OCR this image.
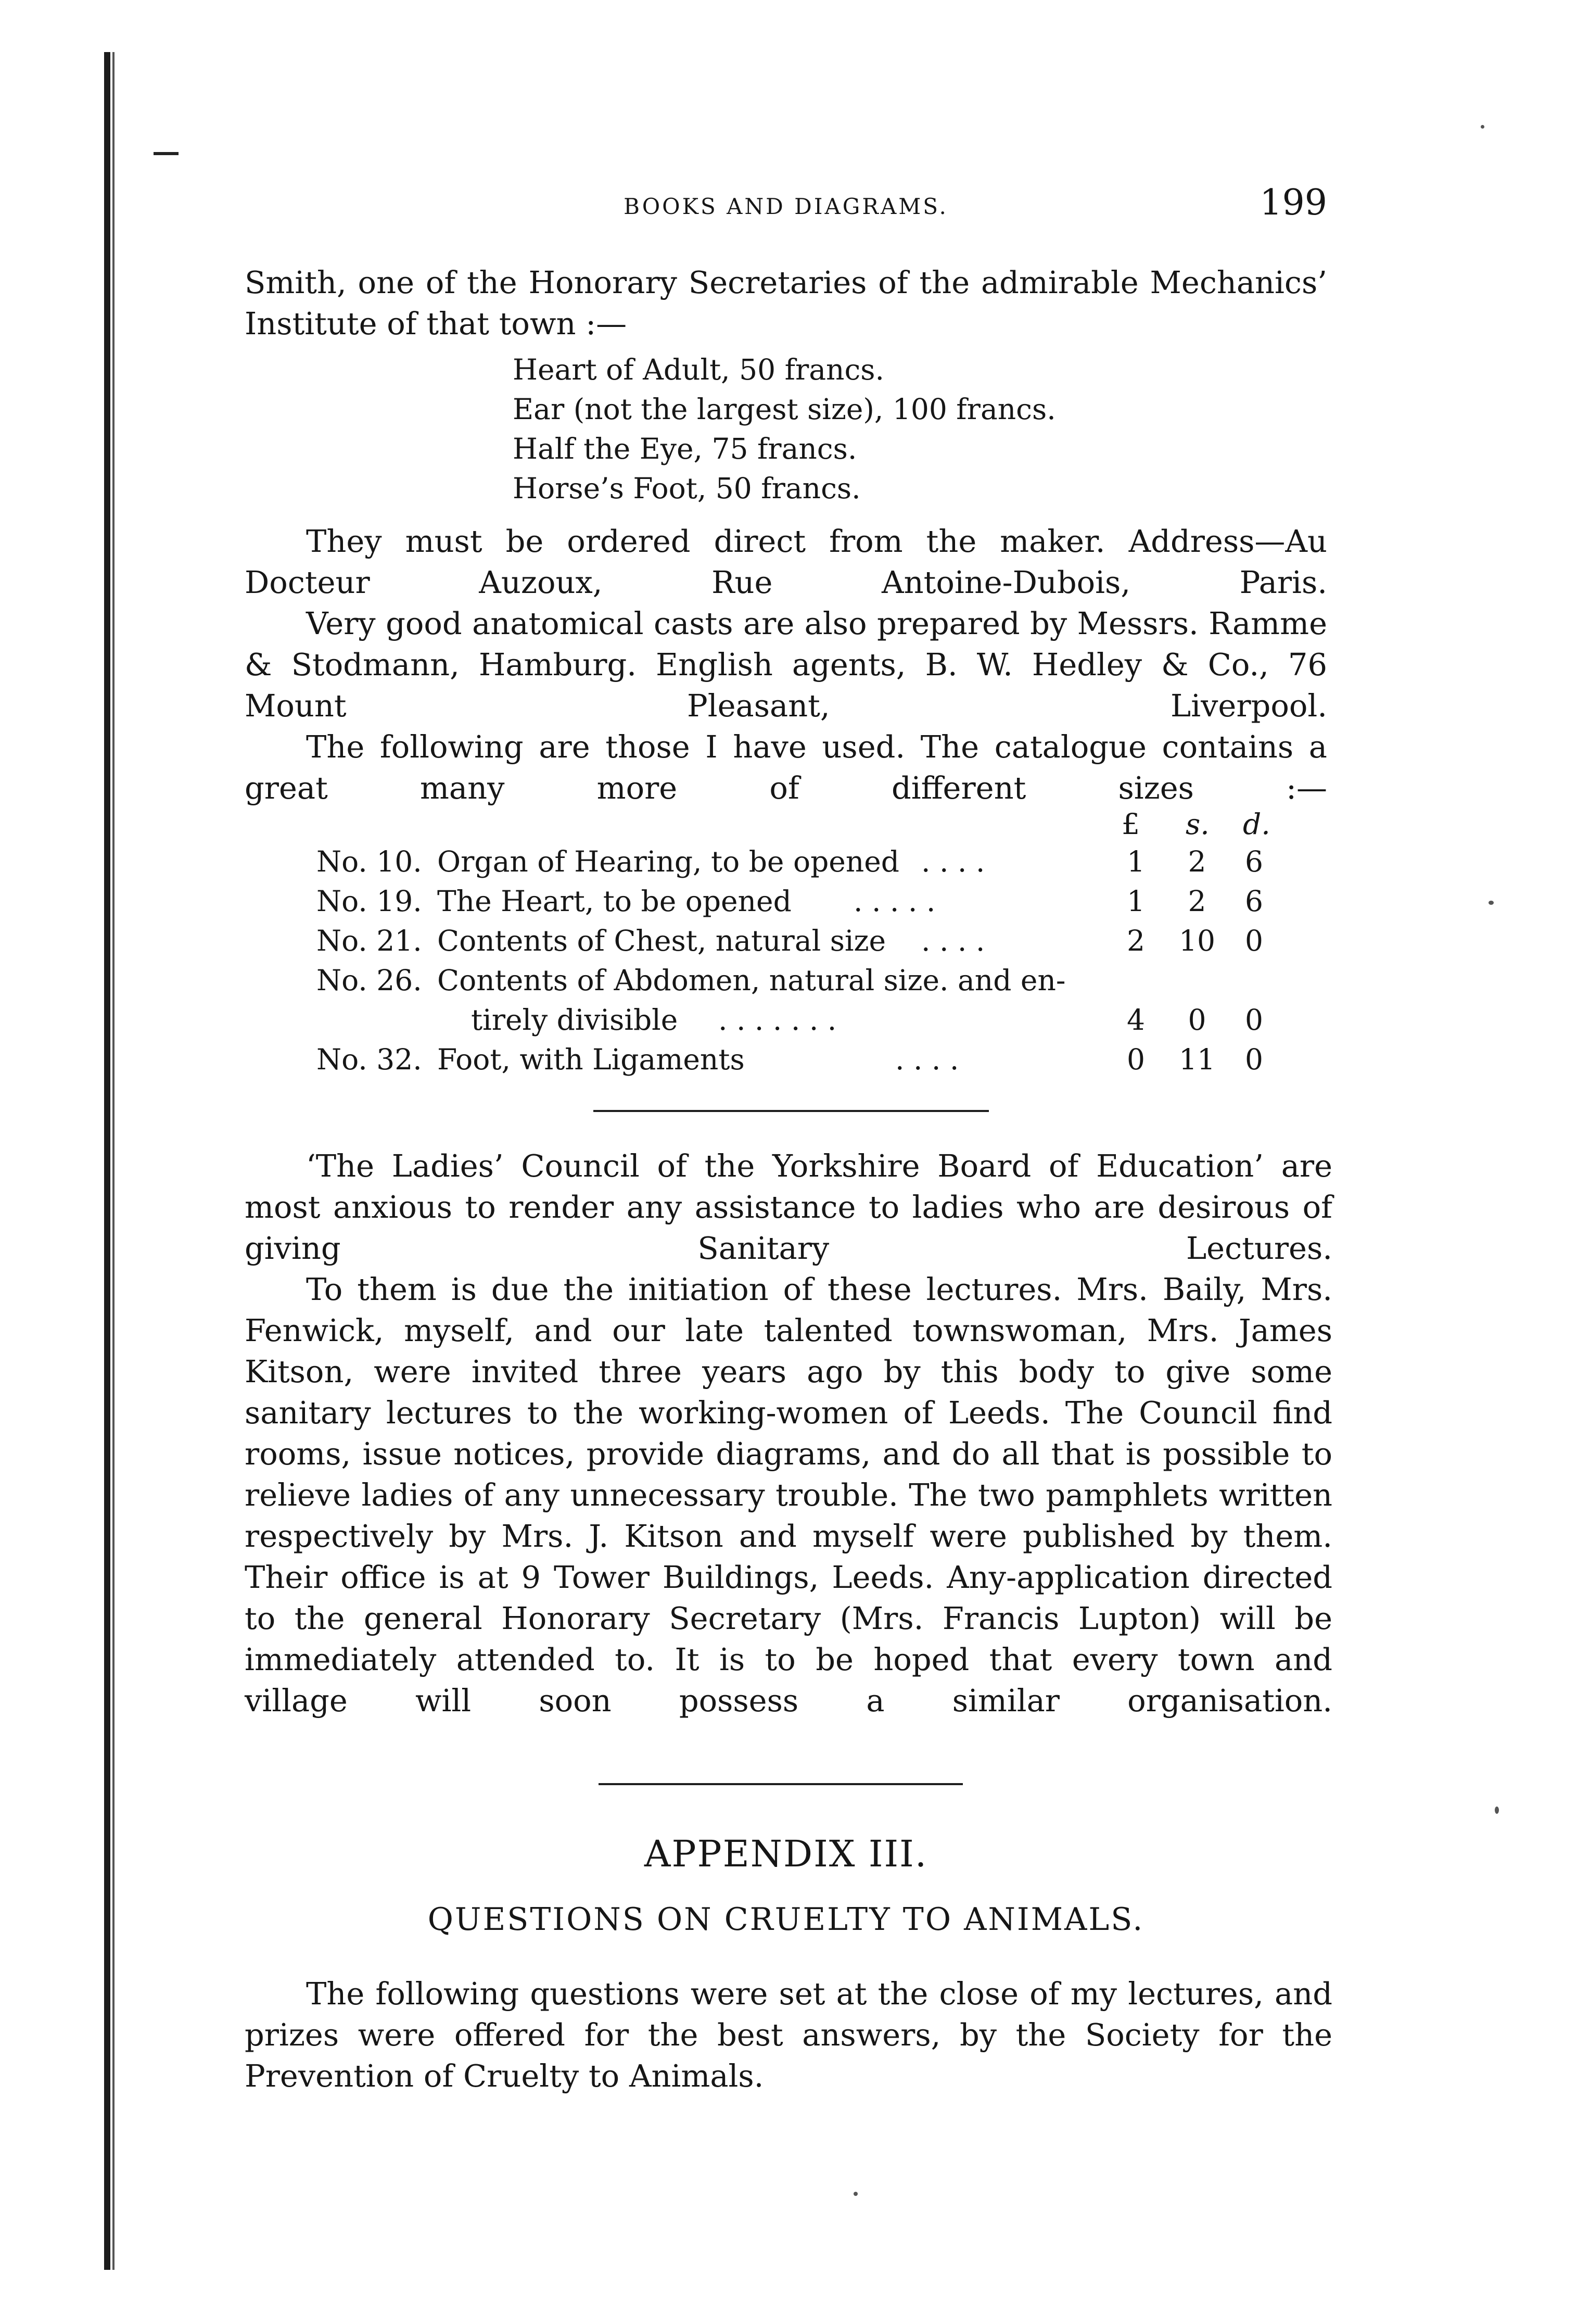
BOOKS AND DIAGRAMS.	199

Smith, one of the Honorary Secretaries of the admirable Mechanics’

Institute of that town :—

Heart of Adult, 50 francs.
Ear (not the largest size), 100 francs.
Half the Eye, 75 francs.
Horse’s Foot, 50 francs.

They must be ordered direct from the maker. Address—Au Docteur Auzoux, Rue Antoine-Dubois, Paris.

Very good anatomical casts are also prepared by Messrs. Ramme & Stodmann, Hamburg. English agents, B. W. Hedley & Co., 76 Mount Pleasant, Liverpool.

The following are those I have used. The catalogue contains a great many more of different sizes :—

£ s. d.
No. 10. Organ of Hearing, to be opened . . . .	1	2	6
No. 19. The Heart, to be opened . . . . .	1	2	6
No. 21. Contents of Chest, natural size . . . .	2 10 0
No. 26. Contents of Abdomen, natural size. and en-
tirely divisible . . . . . . .	4	0	0
No. 32. Foot, with Ligaments	. . . .	0 11 0

‘The Ladies’ Council of the Yorkshire Board of Education’ are most anxious to render any assistance to ladies who are desirous of giving Sanitary Lectures.

To them is due the initiation of these lectures. Mrs. Baily, Mrs. Fenwick, myself, and our late talented townswoman, Mrs. James Kitson, were invited three years ago by this body to give some sanitary lectures to the working-women of Leeds. The Council find rooms, issue notices, provide diagrams, and do all that is possible to relieve ladies of any unnecessary trouble. The two pamphlets written respectively by Mrs. J. Kitson and myself were published by them. Their office is at 9 Tower Buildings, Leeds. Any-application directed to the general Honorary Secretary (Mrs. Francis Lupton) will be immediately attended to. It is to be hoped that every town and village will soon possess a similar organisation.

APPENDIX III.
QUESTIONS ON CRUELTY TO ANIMALS.

The following questions were set at the close of my lectures, and prizes were offered for the best answers, by the Society for the Prevention of Cruelty to Animals.
